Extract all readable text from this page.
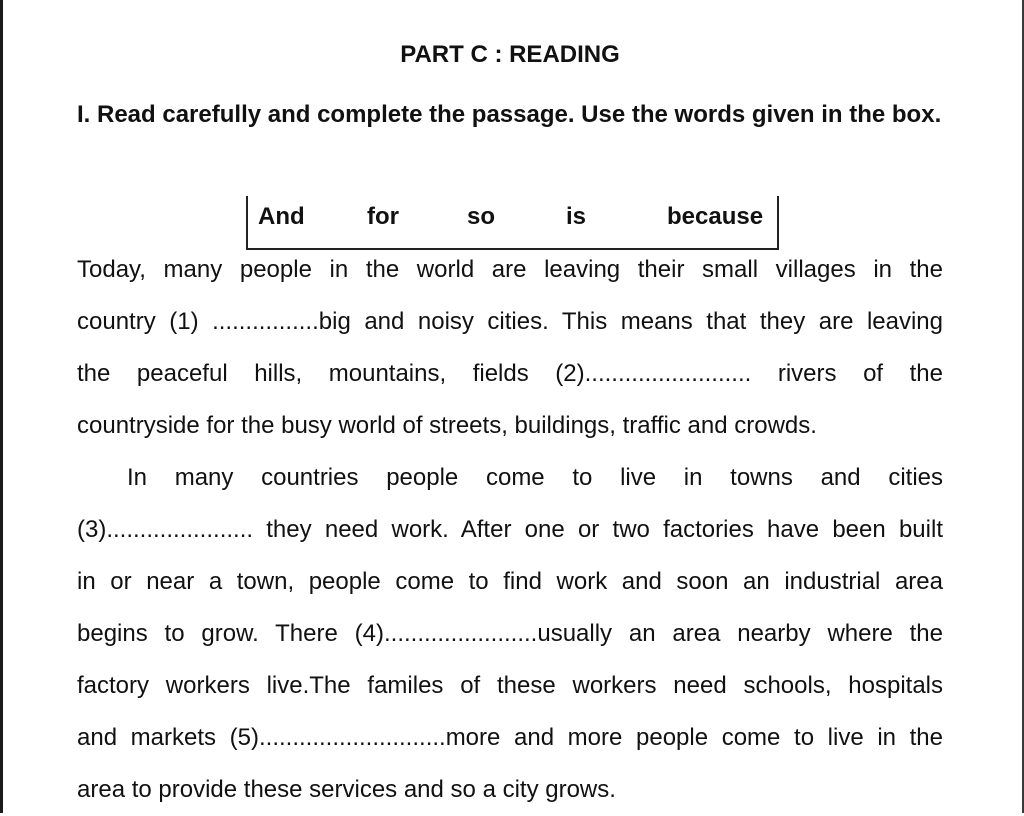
PART C : READING
I. Read carefully and complete the passage. Use the words given in the box.
And	for	so	is	because
Today, many people in the world are leaving their small villages in the
country (1) ................big and noisy cities. This means that they are leaving
the peaceful hills, mountains, fields (2)......................... rivers of the
countryside for the busy world of streets, buildings, traffic and crowds.
In many countries people come to live in towns and cities
(3)...................... they need work. After one or two factories have been built
in or near a town, people come to find work and soon an industrial area
begins to grow. There (4).......................usually an area nearby where the
factory workers live.The familes of these workers need schools, hospitals
and markets (5)............................more and more people come to live in the
area to provide these services and so a city grows.
